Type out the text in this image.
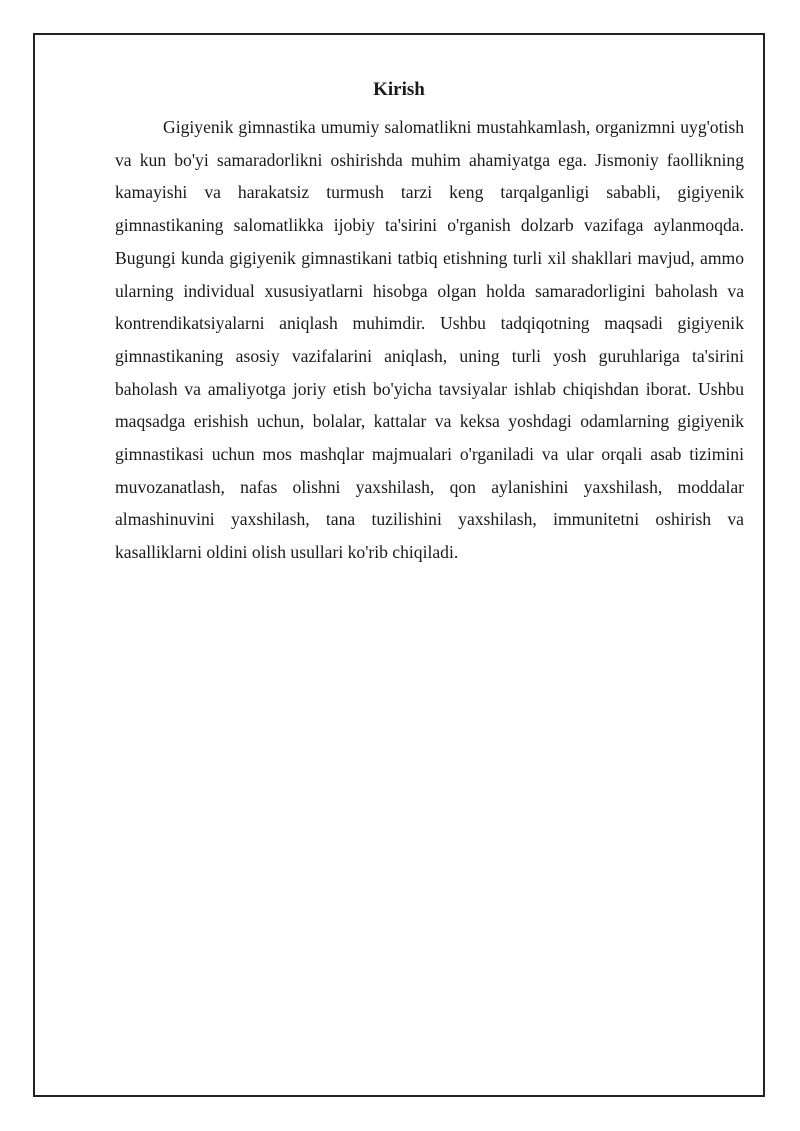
Kirish

Gigiyenik gimnastika umumiy salomatlikni mustahkamlash, organizmni uyg'otish va kun bo'yi samaradorlikni oshirishda muhim ahamiyatga ega. Jismoniy faollikning kamayishi va harakatsiz turmush tarzi keng tarqalganligi sababli, gigiyenik gimnastikaning salomatlikka ijobiy ta'sirini o'rganish dolzarb vazifaga aylanmoqda. Bugungi kunda gigiyenik gimnastikani tatbiq etishning turli xil shakllari mavjud, ammo ularning individual xususiyatlarni hisobga olgan holda samaradorligini baholash va kontrendikatsiyalarni aniqlash muhimdir. Ushbu tadqiqotning maqsadi gigiyenik gimnastikaning asosiy vazifalarini aniqlash, uning turli yosh guruhlariga ta'sirini baholash va amaliyotga joriy etish bo'yicha tavsiyalar ishlab chiqishdan iborat. Ushbu maqsadga erishish uchun, bolalar, kattalar va keksa yoshdagi odamlarning gigiyenik gimnastikasi uchun mos mashqlar majmualari o'rganiladi va ular orqali asab tizimini muvozanatlash, nafas olishni yaxshilash, qon aylanishini yaxshilash, moddalar almashinuvini yaxshilash, tana tuzilishini yaxshilash, immunitetni oshirish va kasalliklarni oldini olish usullari ko'rib chiqiladi.
